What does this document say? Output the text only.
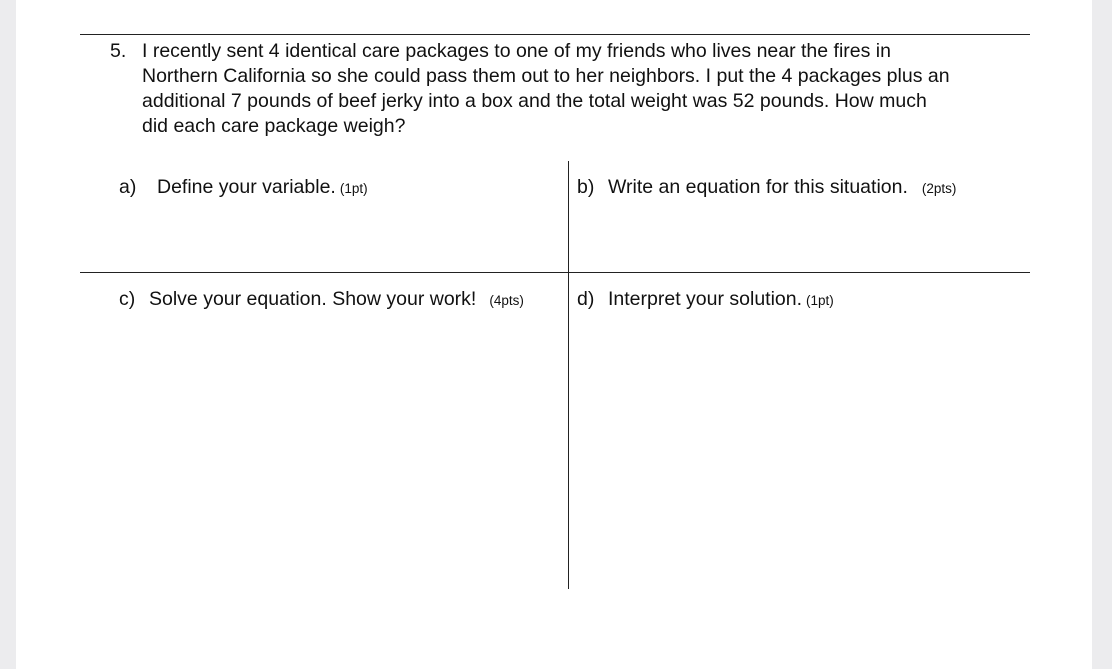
5. I recently sent 4 identical care packages to one of my friends who lives near the fires in
Northern California so she could pass them out to her neighbors. I put the 4 packages plus an
additional 7 pounds of beef jerky into a box and the total weight was 52 pounds. How much
did each care package weigh?
a) Define your variable. (1pt)	b) Write an equation for this situation. (2pts)
c) Solve your equation. Show your work! (4pts)	d) Interpret your solution. (1pt)
